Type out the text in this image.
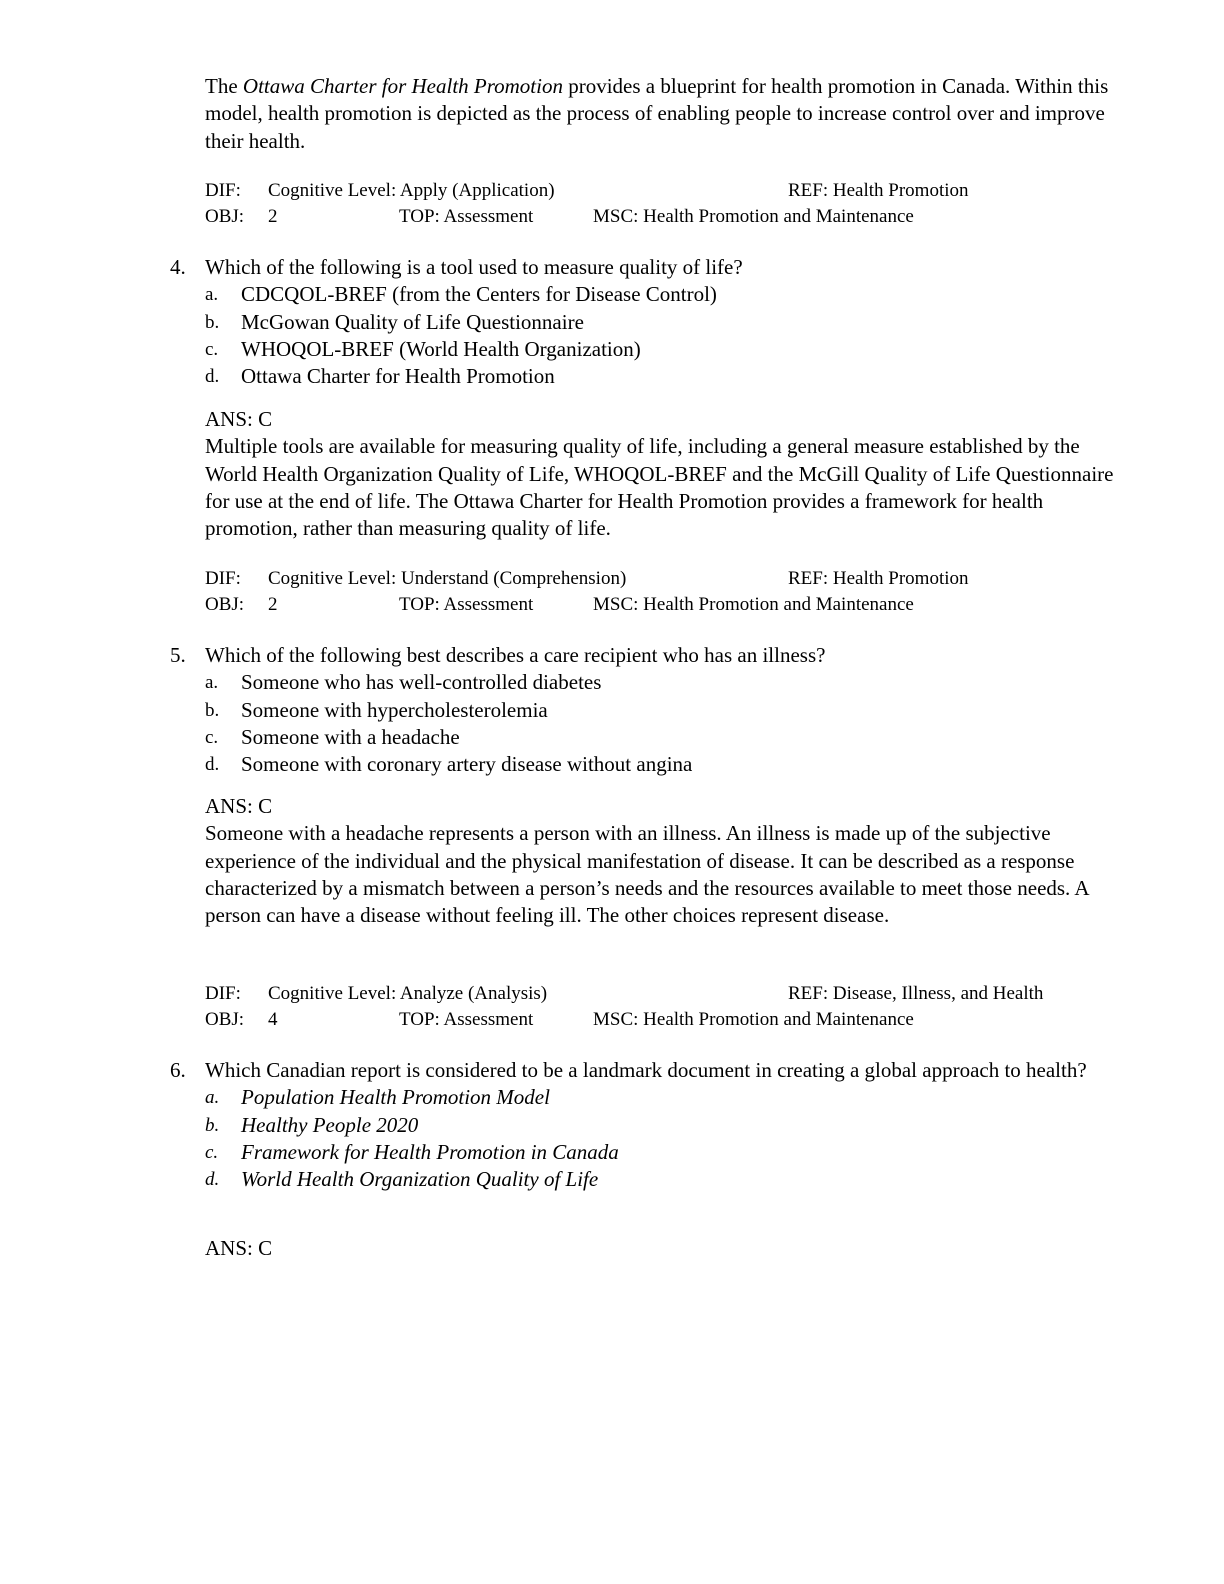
The Ottawa Charter for Health Promotion provides a blueprint for health promotion in Canada. Within this model, health promotion is depicted as the process of enabling people to increase control over and improve their health.

DIF: Cognitive Level: Apply (Application)	REF: Health Promotion
OBJ: 2	TOP: Assessment	MSC: Health Promotion and Maintenance
4. Which of the following is a tool used to measure quality of life?
a. CDCQOL-BREF (from the Centers for Disease Control)
b. McGowan Quality of Life Questionnaire
c. WHOQOL-BREF (World Health Organization)
d. Ottawa Charter for Health Promotion
ANS: C

Multiple tools are available for measuring quality of life, including a general measure established by the World Health Organization Quality of Life, WHOQOL-BREF and the McGill Quality of Life Questionnaire for use at the end of life. The Ottawa Charter for Health Promotion provides a framework for health promotion, rather than measuring quality of life.

DIF: Cognitive Level: Understand (Comprehension)	REF: Health Promotion
OBJ: 2	TOP: Assessment	MSC: Health Promotion and Maintenance
5. Which of the following best describes a care recipient who has an illness?
a. Someone who has well-controlled diabetes
b. Someone with hypercholesterolemia
c. Someone with a headache
d. Someone with coronary artery disease without angina
ANS: C

Someone with a headache represents a person with an illness. An illness is made up of the subjective experience of the individual and the physical manifestation of disease. It can be described as a response characterized by a mismatch between a person’s needs and the resources available to meet those needs. A person can have a disease without feeling ill. The other choices represent disease.

DIF: Cognitive Level: Analyze (Analysis)	REF: Disease, Illness, and Health
OBJ: 4	TOP: Assessment	MSC: Health Promotion and Maintenance
6. Which Canadian report is considered to be a landmark document in creating a global approach to health?
a. Population Health Promotion Model
b. Healthy People 2020
c. Framework for Health Promotion in Canada
d. World Health Organization Quality of Life
ANS: C
